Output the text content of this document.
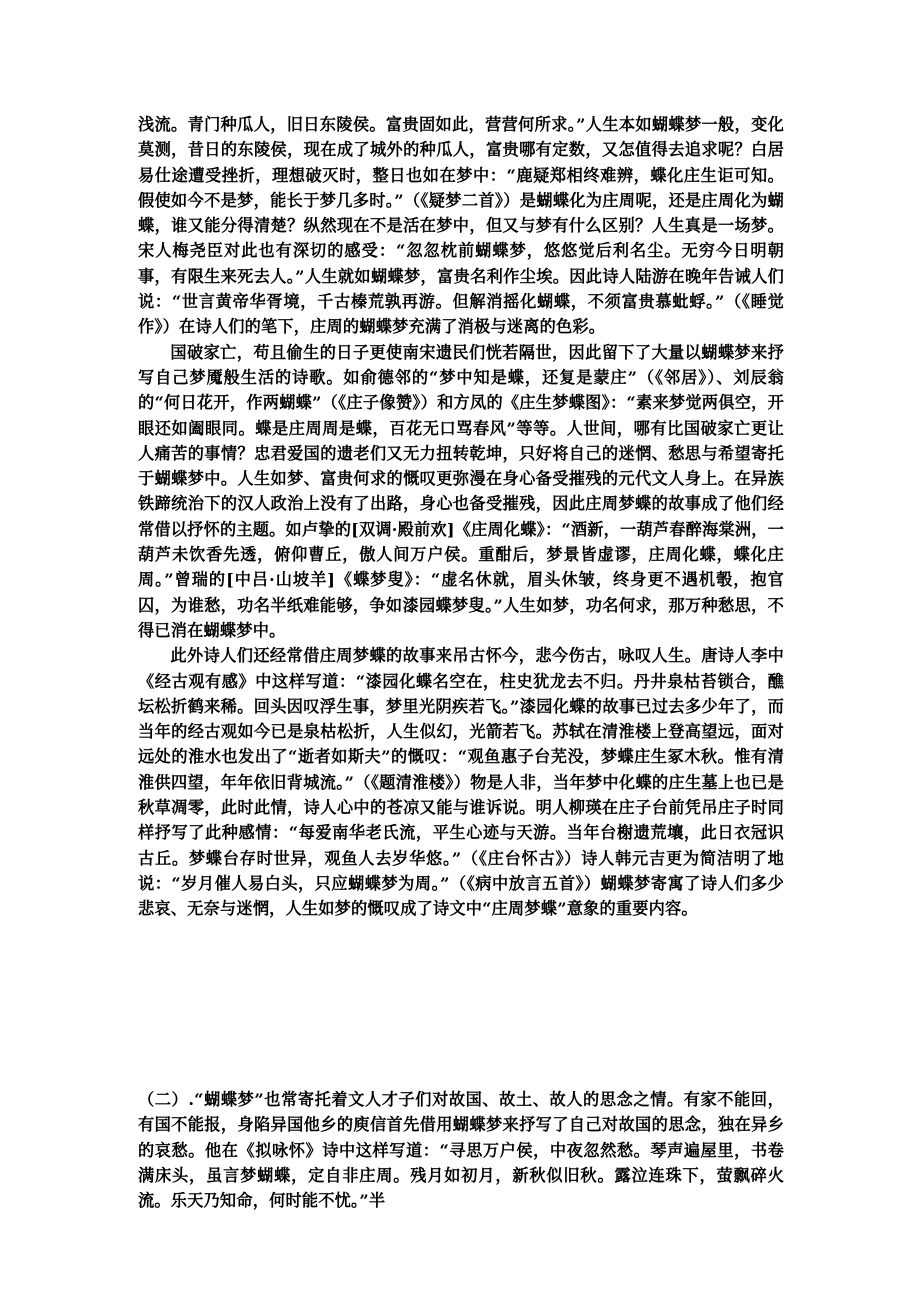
浅流。青门种瓜人，旧日东陵侯。富贵固如此，营营何所求。”人生本如蝴蝶梦一般，变化莫测，昔日的东陵侯，现在成了城外的种瓜人，富贵哪有定数，又怎值得去追求呢？白居易仕途遭受挫折，理想破灭时，整日也如在梦中：“鹿疑郑相终难辨，蝶化庄生讵可知。假使如今不是梦，能长于梦几多时。”（《疑梦二首》）是蝴蝶化为庄周呢，还是庄周化为蝴蝶，谁又能分得清楚？纵然现在不是活在梦中，但又与梦有什么区别？人生真是一场梦。宋人梅尧臣对此也有深切的感受：“忽忽枕前蝴蝶梦，悠悠觉后利名尘。无穷今日明朝事，有限生来死去人。”人生就如蝴蝶梦，富贵名利作尘埃。因此诗人陆游在晚年告诫人们说：“世言黄帝华胥境，千古榛荒孰再游。但解消摇化蝴蝶，不须富贵慕蚍蜉。”（《睡觉作》）在诗人们的笔下，庄周的蝴蝶梦充满了消极与迷离的色彩。

国破家亡，苟且偷生的日子更使南宋遗民们恍若隔世，因此留下了大量以蝴蝶梦来抒写自己梦魇般生活的诗歌。如俞德邻的“梦中知是蝶，还复是蒙庄”（《邻居》）、刘辰翁的“何日花开，作两蝴蝶”（《庄子像赞》）和方凤的《庄生梦蝶图》：“素来梦觉两俱空，开眼还如阖眼同。蝶是庄周周是蝶，百花无口骂春风”等等。人世间，哪有比国破家亡更让人痛苦的事情？忠君爱国的遗老们又无力扭转乾坤，只好将自己的迷惘、愁思与希望寄托于蝴蝶梦中。人生如梦、富贵何求的慨叹更弥漫在身心备受摧残的元代文人身上。在异族铁蹄统治下的汉人政治上没有了出路，身心也备受摧残，因此庄周梦蝶的故事成了他们经常借以抒怀的主题。如卢挚的[双调·殿前欢]《庄周化蝶》：“酒新，一葫芦春醉海棠洲，一葫芦未饮香先透，俯仰曹丘，傲人间万户侯。重酣后，梦景皆虚谬，庄周化蝶，蝶化庄周。”曾瑞的[中吕·山坡羊]《蝶梦叟》：“虚名休就，眉头休皱，终身更不遇机彀，抱官囚，为谁愁，功名半纸难能够，争如漆园蝶梦叟。”人生如梦，功名何求，那万种愁思，不得已消在蝴蝶梦中。

此外诗人们还经常借庄周梦蝶的故事来吊古怀今，悲今伤古，咏叹人生。唐诗人李中《经古观有感》中这样写道：“漆园化蝶名空在，柱史犹龙去不归。丹井泉枯苔锁合，醮坛松折鹤来稀。回头因叹浮生事，梦里光阴疾若飞。”漆园化蝶的故事已过去多少年了，而当年的经古观如今已是泉枯松折，人生似幻，光箭若飞。苏轼在清淮楼上登高望远，面对远处的淮水也发出了“逝者如斯夫”的慨叹：“观鱼惠子台芜没，梦蝶庄生冢木秋。惟有清淮供四望，年年依旧背城流。”（《题清淮楼》）物是人非，当年梦中化蝶的庄生墓上也已是秋草凋零，此时此情，诗人心中的苍凉又能与谁诉说。明人柳瑛在庄子台前凭吊庄子时同样抒写了此种感情：“每爱南华老氏流，平生心迹与天游。当年台榭遗荒壤，此日衣冠识古丘。梦蝶台存时世异，观鱼人去岁华悠。”（《庄台怀古》）诗人韩元吉更为简洁明了地说：“岁月催人易白头，只应蝴蝶梦为周。”（《病中放言五首》）蝴蝶梦寄寓了诗人们多少悲哀、无奈与迷惘，人生如梦的慨叹成了诗文中“庄周梦蝶”意象的重要内容。

（二）.“蝴蝶梦”也常寄托着文人才子们对故国、故土、故人的思念之情。有家不能回，有国不能报，身陷异国他乡的庾信首先借用蝴蝶梦来抒写了自己对故国的思念，独在异乡的哀愁。他在《拟咏怀》诗中这样写道：“寻思万户侯，中夜忽然愁。琴声遍屋里，书卷满床头，虽言梦蝴蝶，定自非庄周。残月如初月，新秋似旧秋。露泣连珠下，萤飘碎火流。乐天乃知命，何时能不忧。”半
